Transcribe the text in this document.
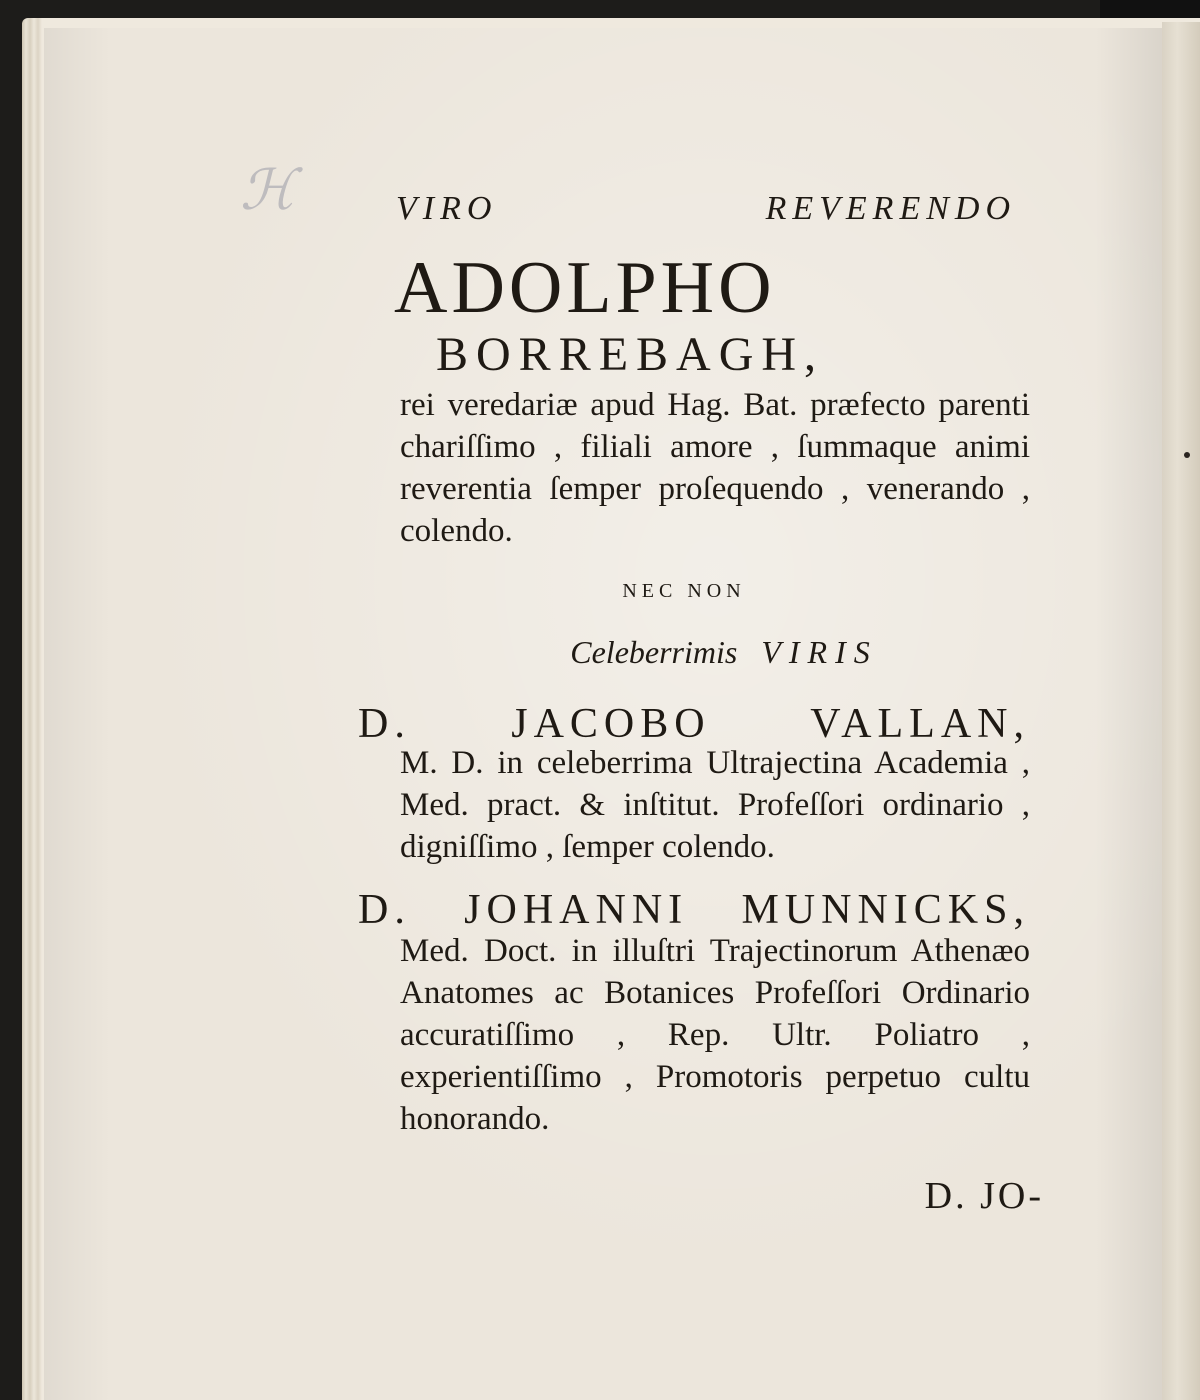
ℋ	VIRO REVERENDO
ADOLPHO
BORREBAGH,
rei veredariæ apud Hag. Bat. præfecto parenti chariſſimo , filiali amore , ſummaque animi reverentia ſemper proſequendo , venerando , colendo.
NEC NON
Celeberrimis VIRIS
D. JACOBO VALLAN,
M. D. in celeberrima Ultrajectina Academia , Med. pract. & inſtitut. Profeſſori ordinario , digniſſimo , ſemper colendo.
D. JOHANNI MUNNICKS,
Med. Doct. in illuſtri Trajectinorum Athenæo Anatomes ac Botanices Profeſſori Ordinario accuratiſſimo , Rep. Ultr. Poliatro , experientiſſimo , Promotoris perpetuo cultu honorando.
D. JO-
